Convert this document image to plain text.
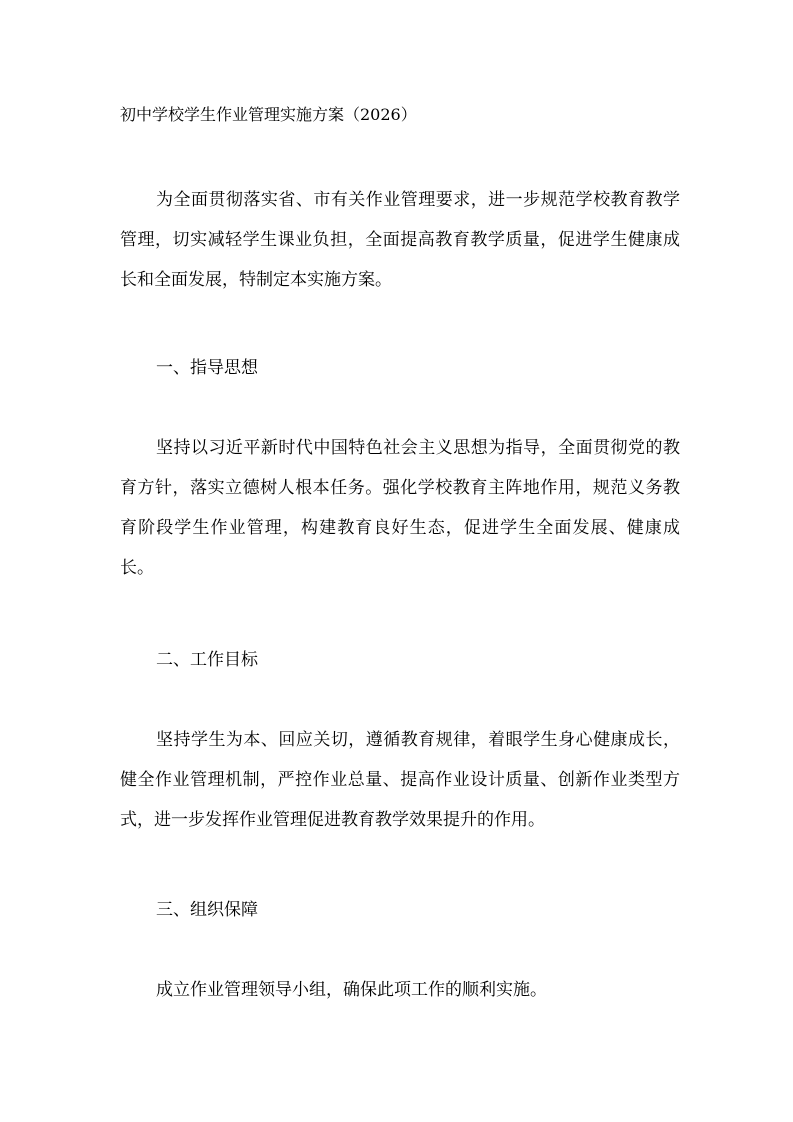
初中学校学生作业管理实施方案（2026）

为全面贯彻落实省、市有关作业管理要求，进一步规范学校教育教学管理，切实减轻学生课业负担，全面提高教育教学质量，促进学生健康成长和全面发展，特制定本实施方案。

一、指导思想

坚持以习近平新时代中国特色社会主义思想为指导，全面贯彻党的教育方针，落实立德树人根本任务。强化学校教育主阵地作用，规范义务教育阶段学生作业管理，构建教育良好生态，促进学生全面发展、健康成长。

二、工作目标

坚持学生为本、回应关切，遵循教育规律，着眼学生身心健康成长，健全作业管理机制，严控作业总量、提高作业设计质量、创新作业类型方式，进一步发挥作业管理促进教育教学效果提升的作用。

三、组织保障

成立作业管理领导小组，确保此项工作的顺利实施。
